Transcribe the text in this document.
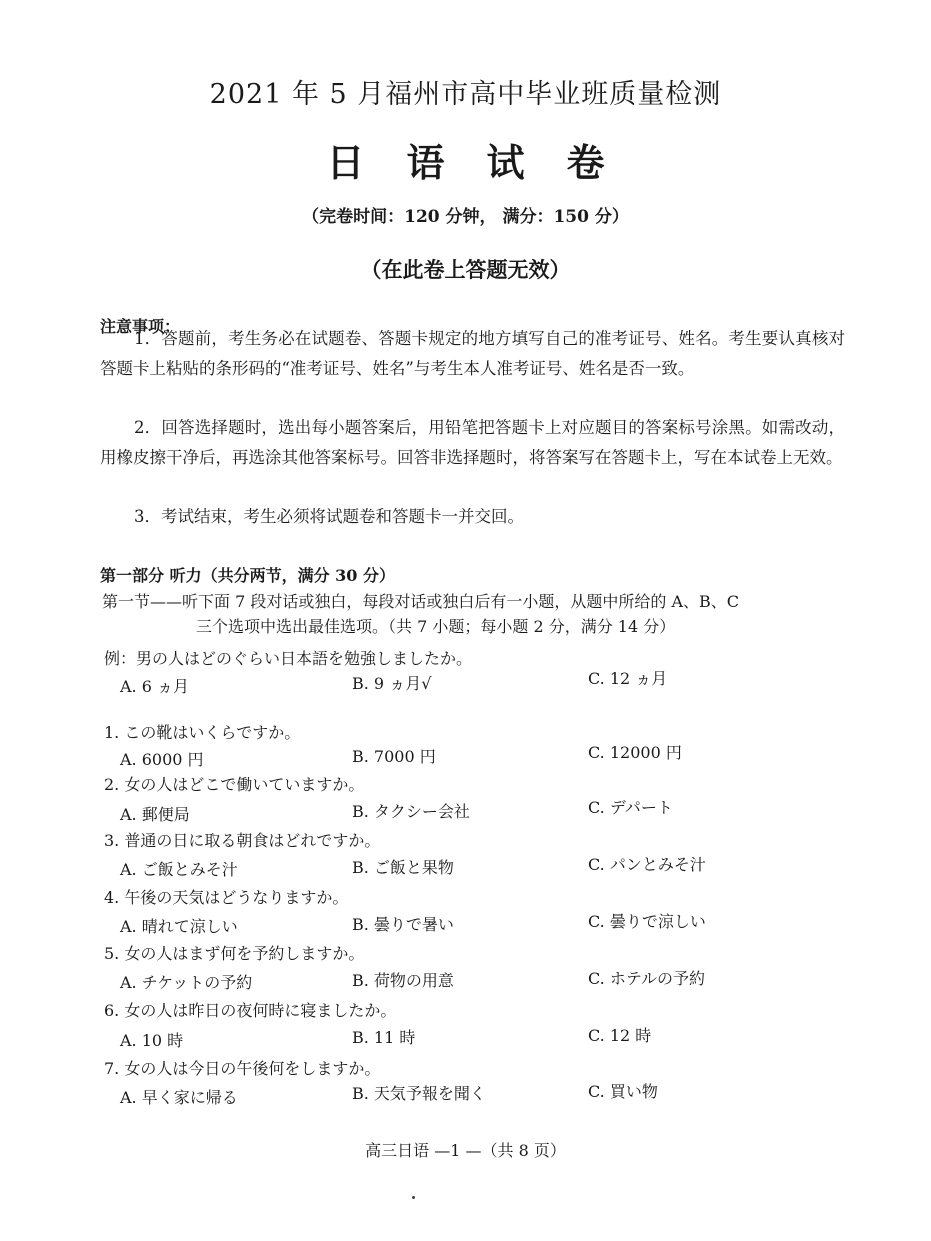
2021 年 5 月福州市高中毕业班质量检测
日语试卷
（完卷时间：120 分钟， 满分：150 分）
（在此卷上答题无效）
注意事项：
1．答题前，考生务必在试题卷、答题卡规定的地方填写自己的准考证号、姓名。考生要认真核对答题卡上粘贴的条形码的“准考证号、姓名”与考生本人准考证号、姓名是否一致。
2．回答选择题时，选出每小题答案后，用铅笔把答题卡上对应题目的答案标号涂黑。如需改动，用橡皮擦干净后，再选涂其他答案标号。回答非选择题时，将答案写在答题卡上，写在本试卷上无效。
3．考试结束，考生必须将试题卷和答题卡一并交回。
第一部分 听力（共分两节，满分 30 分）
第一节——听下面 7 段对话或独白，每段对话或独白后有一小题，从题中所给的 A、B、C
三个选项中选出最佳选项。（共 7 小题；每小题 2 分，满分 14 分）
例：男の人はどのぐらい日本語を勉強しましたか。
A. 6 ヵ月	B. 9 ヵ月√	C. 12 ヵ月
1. この靴はいくらですか。
A. 6000 円	B. 7000 円	C. 12000 円
2. 女の人はどこで働いていますか。
A. 郵便局	B. タクシー会社	C. デパート
3. 普通の日に取る朝食はどれですか。
A. ご飯とみそ汁	B. ご飯と果物	C. パンとみそ汁
4. 午後の天気はどうなりますか。
A. 晴れて涼しい	B. 曇りで暑い	C. 曇りで涼しい
5. 女の人はまず何を予約しますか。
A. チケットの予約	B. 荷物の用意	C. ホテルの予約
6. 女の人は昨日の夜何時に寝ましたか。
A. 10 時	B. 11 時	C. 12 時
7. 女の人は今日の午後何をしますか。
A. 早く家に帰る	B. 天気予報を聞く	C. 買い物
高三日语 —1 —（共 8 页）
